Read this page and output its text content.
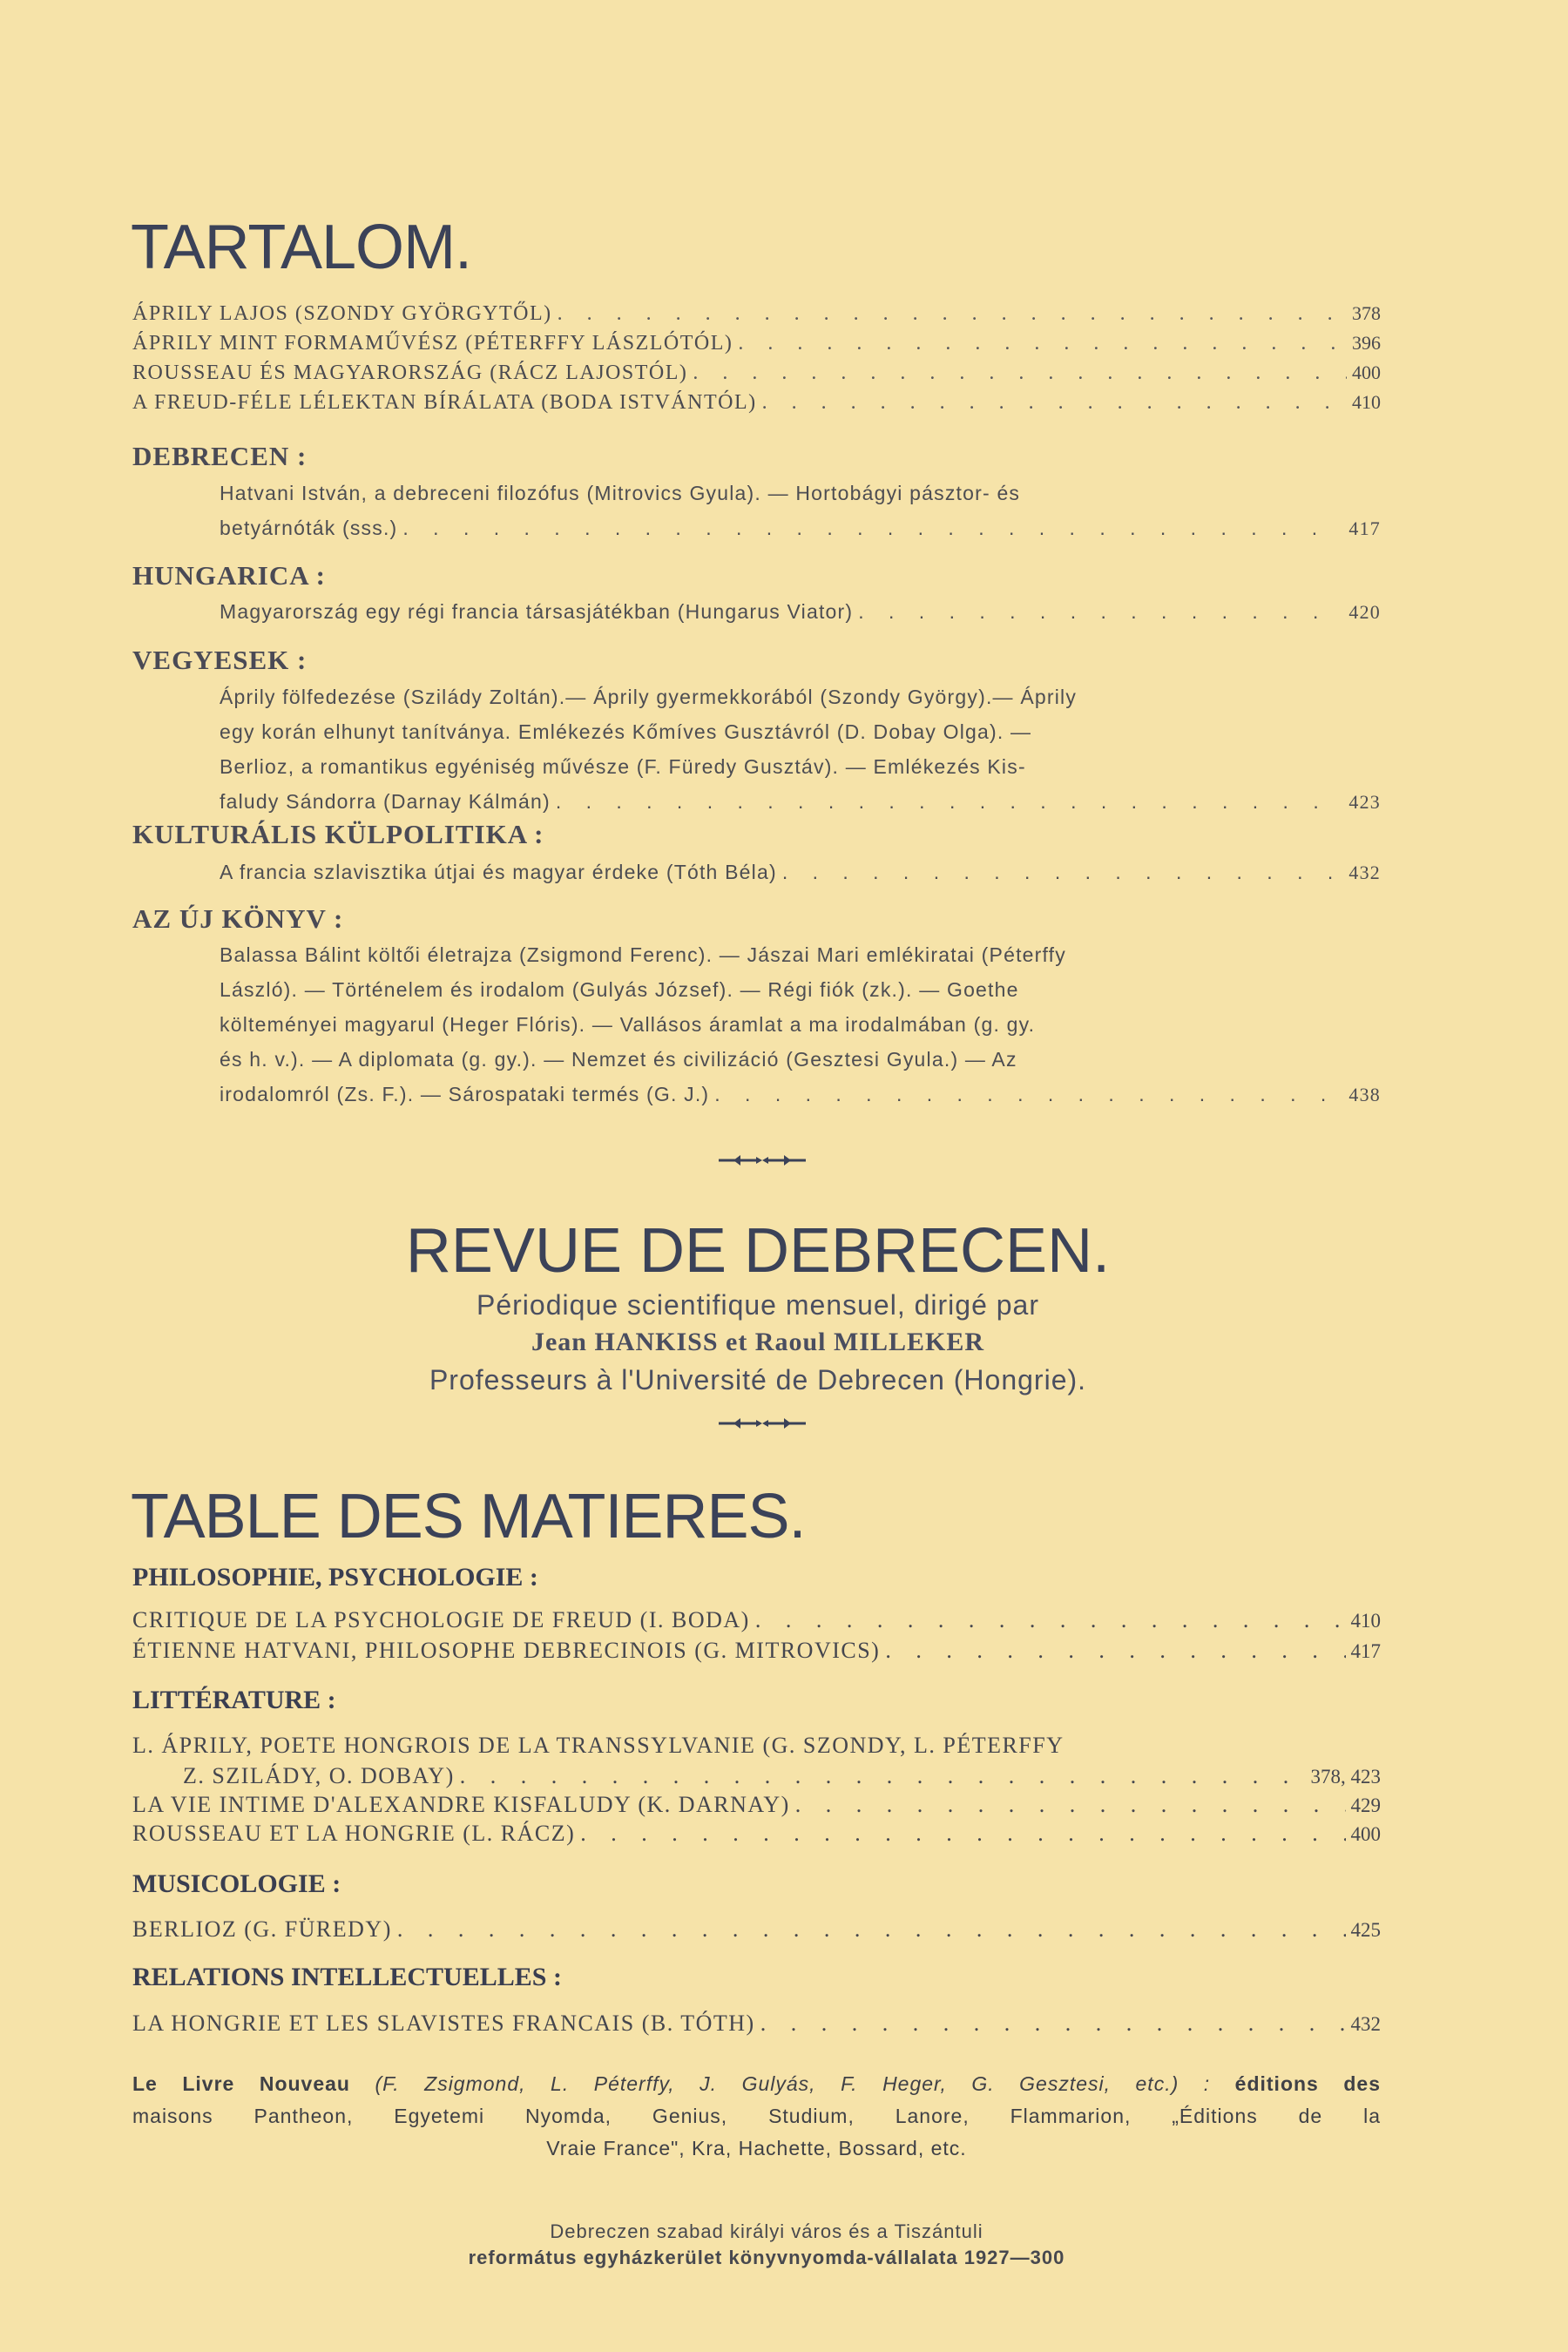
TARTALOM.
ÁPRILY LAJOS (SZONDY GYÖRGYTŐL) . . .	378
ÁPRILY MINT FORMAMŰVÉSZ (PÉTERFFY LÁSZLÓTÓL) . . .	396
ROUSSEAU ÉS MAGYARORSZÁG (RÁCZ LAJOSTÓL) . . .	400
A FREUD-FÉLE LÉLEKTAN BÍRÁLATA (BODA ISTVÁNTÓL) . . .	410
DEBRECEN :
Hatvani István, a debreceni filozófus (Mitrovics Gyula). — Hortobágyi pásztor- és
betyárnóták (sss.) . . .	417
HUNGARICA :
Magyarország egy régi francia társasjátékban (Hungarus Viator) . . .	420
VEGYESEK :
Áprily fölfedezése (Szilády Zoltán).— Áprily gyermekkorából (Szondy György).— Áprily
egy korán elhunyt tanítványa. Emlékezés Kőmíves Gusztávról (D. Dobay Olga). —
Berlioz, a romantikus egyéniség művésze (F. Füredy Gusztáv). — Emlékezés Kis-
faludy Sándorra (Darnay Kálmán) . . .	423
KULTURÁLIS KÜLPOLITIKA :
A francia szlavisztika útjai és magyar érdeke (Tóth Béla) . . .	432
AZ ÚJ KÖNYV :
Balassa Bálint költői életrajza (Zsigmond Ferenc). — Jászai Mari emlékiratai (Péterffy
László). — Történelem és irodalom (Gulyás József). — Régi fiók (zk.). — Goethe
költeményei magyarul (Heger Flóris). — Vallásos áramlat a ma irodalmában (g. gy.
és h. v.). — A diplomata (g. gy.). — Nemzet és civilizáció (Gesztesi Gyula.) — Az
irodalomról (Zs. F.). — Sárospataki termés (G. J.) . . .	438
REVUE DE DEBRECEN.
Périodique scientifique mensuel, dirigé par
Jean HANKISS et Raoul MILLEKER
Professeurs à l'Université de Debrecen (Hongrie).
TABLE DES MATIERES.
PHILOSOPHIE, PSYCHOLOGIE :
CRITIQUE DE LA PSYCHOLOGIE DE FREUD (I. BODA) . . .	410
ÉTIENNE HATVANI, PHILOSOPHE DEBRECINOIS (G. MITROVICS) . . .	417
LITTÉRATURE :
L. ÁPRILY, POETE HONGROIS DE LA TRANSSYLVANIE (G. SZONDY, L. PÉTERFFY
Z. SZILÁDY, O. DOBAY) . . .	378, 423
LA VIE INTIME D'ALEXANDRE KISFALUDY (K. DARNAY) . . .	429
ROUSSEAU ET LA HONGRIE (L. RÁCZ) . . .	400
MUSICOLOGIE :
BERLIOZ (G. FÜREDY) . . .	425
RELATIONS INTELLECTUELLES :
LA HONGRIE ET LES SLAVISTES FRANCAIS (B. TÓTH) . . .	432
Le Livre Nouveau (F. Zsigmond, L. Péterffy, J. Gulyás, F. Heger, G. Gesztesi, etc.) : éditions des
maisons Pantheon, Egyetemi Nyomda, Genius, Studium, Lanore, Flammarion, „Éditions de la
Vraie France", Kra, Hachette, Bossard, etc.
Debreczen szabad királyi város és a Tiszántuli
református egyházkerület könyvnyomda-vállalata 1927—300
